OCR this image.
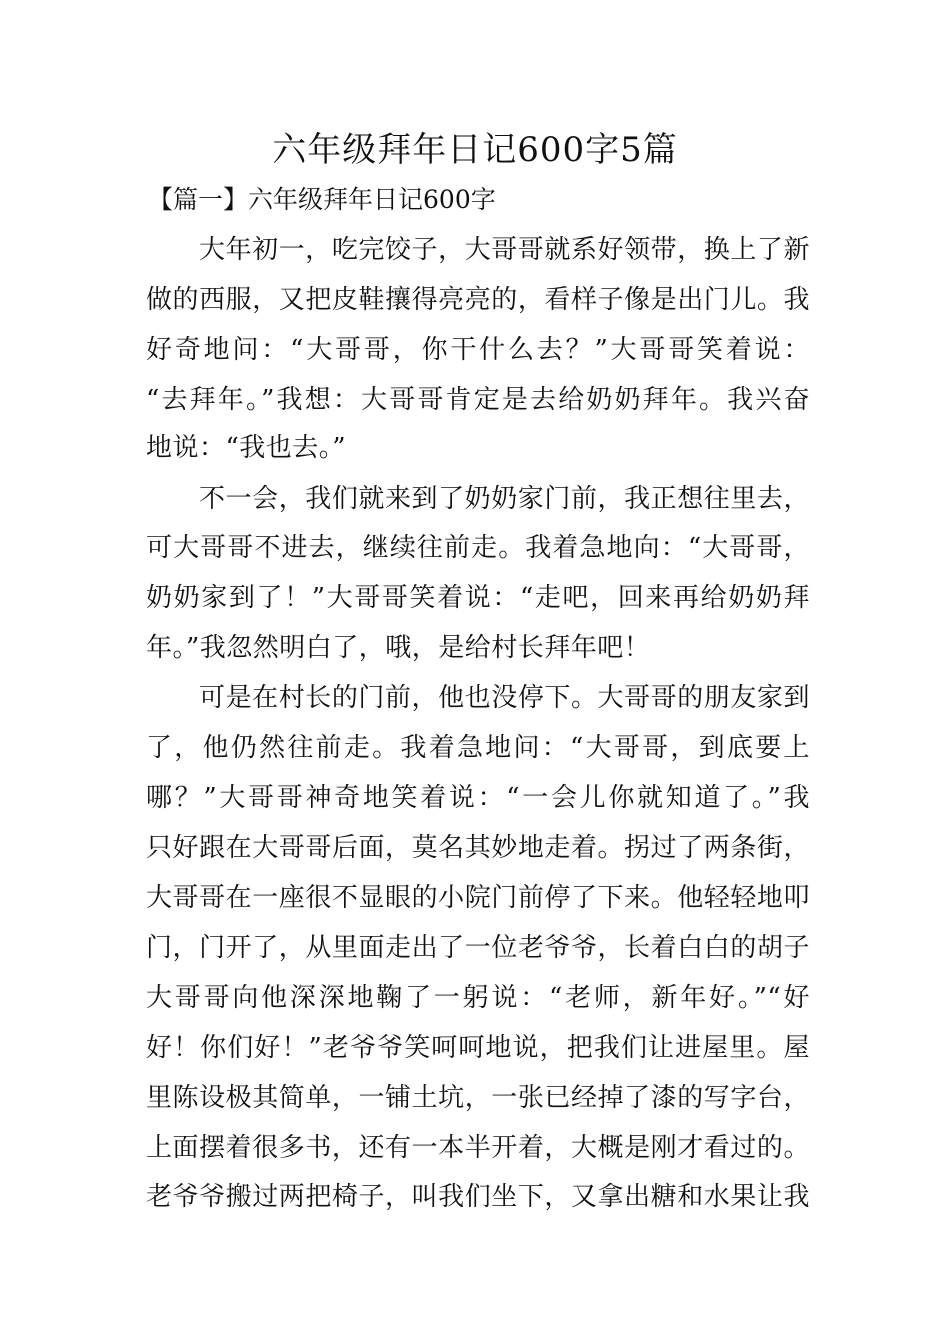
六年级拜年日记600字5篇
【篇一】六年级拜年日记600字
大年初一，吃完饺子，大哥哥就系好领带，换上了新
做的西服，又把皮鞋攘得亮亮的，看样子像是出门儿。我
好奇地问：“大哥哥，你干什么去？”大哥哥笑着说：
“去拜年。”我想：大哥哥肯定是去给奶奶拜年。我兴奋
地说：“我也去。”
不一会，我们就来到了奶奶家门前，我正想往里去，
可大哥哥不进去，继续往前走。我着急地向：“大哥哥，
奶奶家到了！”大哥哥笑着说：“走吧，回来再给奶奶拜
年。”我忽然明白了，哦，是给村长拜年吧！
可是在村长的门前，他也没停下。大哥哥的朋友家到
了，他仍然往前走。我着急地问：“大哥哥，到底要上
哪？”大哥哥神奇地笑着说：“一会儿你就知道了。”我
只好跟在大哥哥后面，莫名其妙地走着。拐过了两条街，
大哥哥在一座很不显眼的小院门前停了下来。他轻轻地叩
门，门开了，从里面走出了一位老爷爷，长着白白的胡子
大哥哥向他深深地鞠了一躬说：“老师，新年好。”“好
好！你们好！”老爷爷笑呵呵地说，把我们让进屋里。屋
里陈设极其简单，一铺土坑，一张已经掉了漆的写字台，
上面摆着很多书，还有一本半开着，大概是刚才看过的。
老爷爷搬过两把椅子，叫我们坐下，又拿出糖和水果让我
